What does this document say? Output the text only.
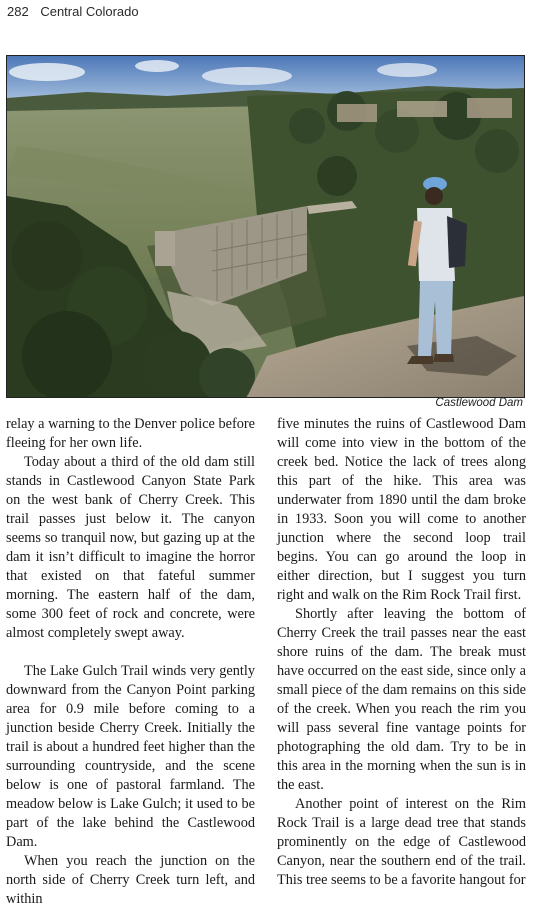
282 Central Colorado
Castlewood Dam

relay a warning to the Denver police before fleeing for her own life.

Today about a third of the old dam still stands in Castlewood Canyon State Park on the west bank of Cherry Creek. This trail passes just below it. The canyon seems so tranquil now, but gazing up at the dam it isn’t difficult to imagine the horror that existed on that fateful summer morning. The eastern half of the dam, some 300 feet of rock and concrete, were almost completely swept away.

The Lake Gulch Trail winds very gently downward from the Canyon Point parking area for 0.9 mile before coming to a junction beside Cherry Creek. Initially the trail is about a hundred feet higher than the surrounding countryside, and the scene below is one of pastoral farmland. The meadow below is Lake Gulch; it used to be part of the lake behind the Castlewood Dam.

When you reach the junction on the north side of Cherry Creek turn left, and within

five minutes the ruins of Castlewood Dam will come into view in the bottom of the creek bed. Notice the lack of trees along this part of the hike. This area was underwater from 1890 until the dam broke in 1933. Soon you will come to another junction where the second loop trail begins. You can go around the loop in either direction, but I suggest you turn right and walk on the Rim Rock Trail first.

Shortly after leaving the bottom of Cherry Creek the trail passes near the east shore ruins of the dam. The break must have occurred on the east side, since only a small piece of the dam remains on this side of the creek. When you reach the rim you will pass several fine vantage points for photographing the old dam. Try to be in this area in the morning when the sun is in the east.

Another point of interest on the Rim Rock Trail is a large dead tree that stands prominently on the edge of Castlewood Canyon, near the southern end of the trail. This tree seems to be a favorite hangout for
